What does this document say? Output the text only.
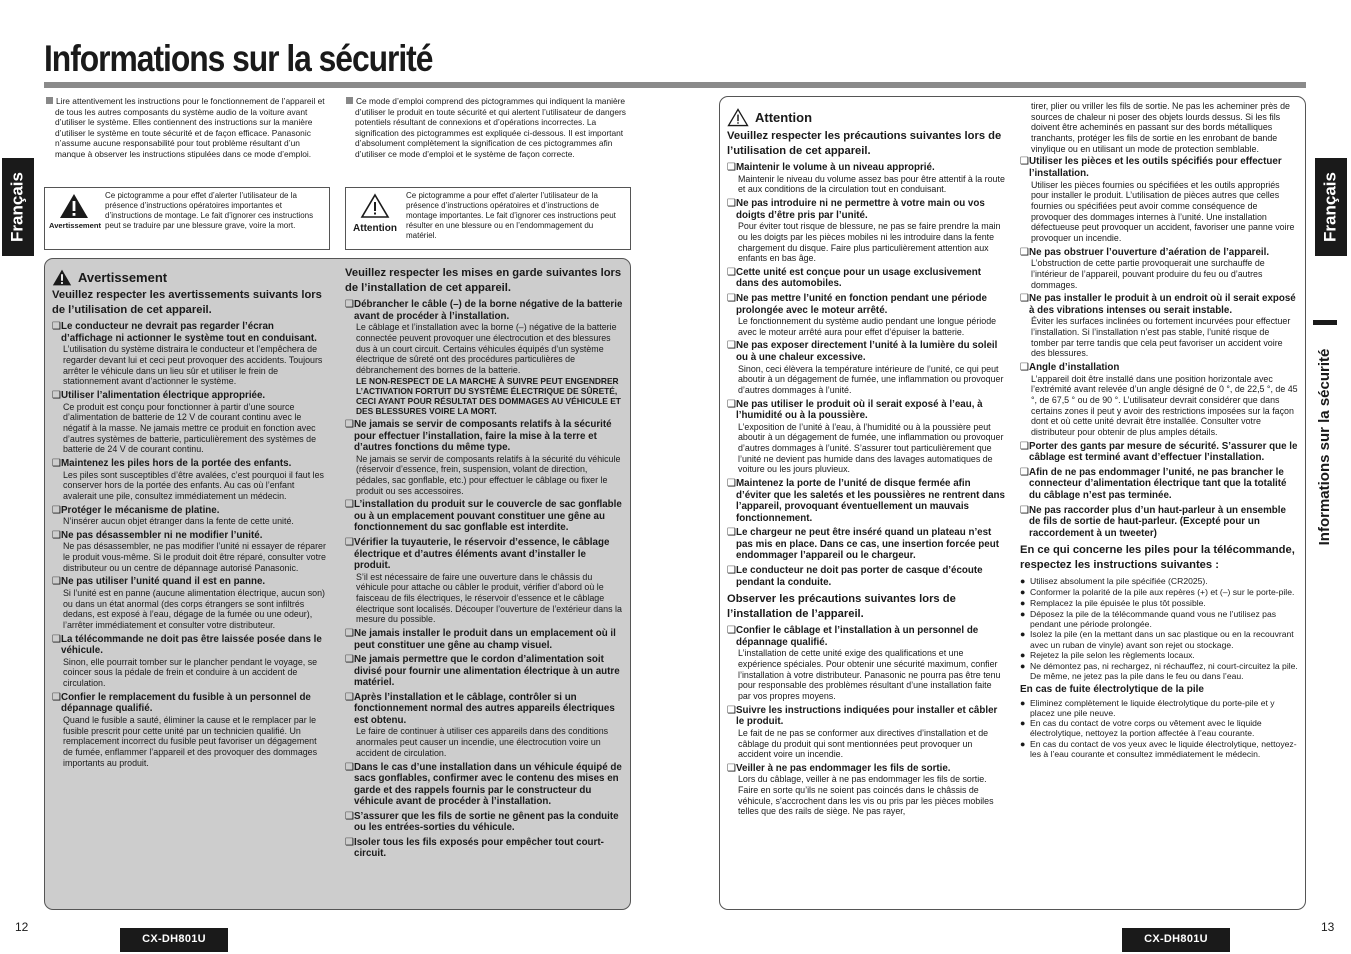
Informations sur la sécurité
Français	Français
Informations sur la sécurité
Lire attentivement les instructions pour le fonctionnement de l’appareil et de tous les autres composants du système audio de la voiture avant d’utiliser le système. Elles contiennent des instructions sur la manière d’utiliser le système en toute sécurité et de façon efficace. Panasonic n’assume aucune responsabilité pour tout problème résultant d’un manque à observer les instructions stipulées dans ce mode d’emploi.
Ce mode d’emploi comprend des pictogrammes qui indiquent la manière d’utiliser le produit en toute sécurité et qui alertent l’utilisateur de dangers potentiels résultant de connexions et d’opérations incorrectes. La signification des pictogrammes est expliquée ci-dessous. Il est important d’absolument complètement la signification de ces pictogrammes afin d’utiliser ce mode d’emploi et le système de façon correcte.
Avertissement
Ce pictogramme a pour effet d’alerter l’utilisateur de la présence d’instructions opératoires importantes et d’instructions de montage. Le fait d’ignorer ces instructions peut se traduire par une blessure grave, voire la mort.	Attention
Ce pictogramme a pour effet d’alerter l’utilisateur de la présence d’instructions opératoires et d’instructions de montage importantes. Le fait d’ignorer ces instructions peut résulter en une blessure ou en l’endommagement du matériel.
Avertissement
Veuillez respecter les avertissements suivants lors de l’utilisation de cet appareil.
❑ Le conducteur ne devrait pas regarder l’écran d’affichage ni actionner le système tout en conduisant.
L’utilisation du système distraira le conducteur et l’empêchera de regarder devant lui et ceci peut provoquer des accidents. Toujours arrêter le véhicule dans un lieu sûr et utiliser le frein de stationnement avant d’actionner le système.
❑ Utiliser l’alimentation électrique appropriée.
Ce produit est conçu pour fonctionner à partir d’une source d’alimentation de batterie de 12 V de courant continu avec le négatif à la masse. Ne jamais mettre ce produit en fonction avec d’autres systèmes de batterie, particulièrement des systèmes de batterie de 24 V de courant continu.
❑ Maintenez les piles hors de la portée des enfants.
Les piles sont susceptibles d’être avalées, c’est pourquoi il faut les conserver hors de la portée des enfants. Au cas où l’enfant avalerait une pile, consultez immédiatement un médecin.
❑ Protéger le mécanisme de platine.
N’insérer aucun objet étranger dans la fente de cette unité.
❑ Ne pas désassembler ni ne modifier l’unité.
Ne pas désassembler, ne pas modifier l’unité ni essayer de réparer le produit vous-même. Si le produit doit être réparé, consulter votre distributeur ou un centre de dépannage autorisé Panasonic.
❑ Ne pas utiliser l’unité quand il est en panne.
Si l’unité est en panne (aucune alimentation électrique, aucun son) ou dans un état anormal (des corps étrangers se sont infiltrés dedans, est exposé à l’eau, dégage de la fumée ou une odeur), l’arrêter immédiatement et consulter votre distributeur.
❑ La télécommande ne doit pas être laissée posée dans le véhicule.
Sinon, elle pourrait tomber sur le plancher pendant le voyage, se coincer sous la pédale de frein et conduire à un accident de circulation.
❑ Confier le remplacement du fusible à un personnel de dépannage qualifié.
Quand le fusible a sauté, éliminer la cause et le remplacer par le fusible prescrit pour cette unité par un technicien qualifié. Un remplacement incorrect du fusible peut favoriser un dégagement de fumée, enflammer l’appareil et des provoquer des dommages importants au produit.
Veuillez respecter les mises en garde suivantes lors de l’installation de cet appareil.
❑ Débrancher le câble (–) de la borne négative de la batterie avant de procéder à l’installation.
Le câblage et l’installation avec la borne (–) négative de la batterie connectée peuvent provoquer une électrocution et des blessures dus à un court circuit. Certains véhicules équipés d’un système électrique de sûreté ont des procédures particulières de débranchement des bornes de la batterie.
LE NON-RESPECT DE LA MARCHE À SUIVRE PEUT ENGENDRER L’ACTIVATION FORTUIT DU SYSTÈME ÉLECTRIQUE DE SÛRETÉ, CECI AYANT POUR RÉSULTAT DES DOMMAGES AU VÉHICULE ET DES BLESSURES VOIRE LA MORT.
❑ Ne jamais se servir de composants relatifs à la sécurité pour effectuer l’installation, faire la mise à la terre et d’autres fonctions du même type.
Ne jamais se servir de composants relatifs à la sécurité du véhicule (réservoir d’essence, frein, suspension, volant de direction, pédales, sac gonflable, etc.) pour effectuer le câblage ou fixer le produit ou ses accessoires.
❑ L’installation du produit sur le couvercle de sac gonflable ou à un emplacement pouvant constituer une gêne au fonctionnement du sac gonflable est interdite.
❑ Vérifier la tuyauterie, le réservoir d’essence, le câblage électrique et d’autres éléments avant d’installer le produit.
S’il est nécessaire de faire une ouverture dans le châssis du véhicule pour attache ou câbler le produit, vérifier d’abord où le faisceau de fils électriques, le réservoir d’essence et le câblage électrique sont localisés. Découper l’ouverture de l’extérieur dans la mesure du possible.
❑ Ne jamais installer le produit dans un emplacement où il peut constituer une gêne au champ visuel.
❑ Ne jamais permettre que le cordon d’alimentation soit divisé pour fournir une alimentation électrique à un autre matériel.
❑ Après l’installation et le câblage, contrôler si un fonctionnement normal des autres appareils électriques est obtenu.
Le faire de continuer à utiliser ces appareils dans des conditions anormales peut causer un incendie, une électrocution voire un accident de circulation.
❑ Dans le cas d’une installation dans un véhicule équipé de sacs gonflables, confirmer avec le contenu des mises en garde et des rappels fournis par le constructeur du véhicule avant de procéder à l’installation.
❑ S’assurer que les fils de sortie ne gênent pas la conduite ou les entrées-sorties du véhicule.
❑ Isoler tous les fils exposés pour empêcher tout court-circuit.
Attention
Veuillez respecter les précautions suivantes lors de l’utilisation de cet appareil.
❑ Maintenir le volume à un niveau approprié.
Maintenir le niveau du volume assez bas pour être attentif à la route et aux conditions de la circulation tout en conduisant.
❑ Ne pas introduire ni ne permettre à votre main ou vos doigts d’être pris par l’unité.
Pour éviter tout risque de blessure, ne pas se faire prendre la main ou les doigts par les pièces mobiles ni les introduire dans la fente chargement du disque. Faire plus particulièrement attention aux enfants en bas âge.
❑ Cette unité est conçue pour un usage exclusivement dans des automobiles.
❑ Ne pas mettre l’unité en fonction pendant une période prolongée avec le moteur arrêté.
Le fonctionnement du système audio pendant une longue période avec le moteur arrêté aura pour effet d’épuiser la batterie.
❑ Ne pas exposer directement l’unité à la lumière du soleil ou à une chaleur excessive.
Sinon, ceci élèvera la température intérieure de l’unité, ce qui peut aboutir à un dégagement de fumée, une inflammation ou provoquer d’autres dommages à l’unité.
❑ Ne pas utiliser le produit où il serait exposé à l’eau, à l’humidité ou à la poussière.
L’exposition de l’unité à l’eau, à l’humidité ou à la poussière peut aboutir à un dégagement de fumée, une inflammation ou provoquer d’autres dommages à l’unité. S’assurer tout particulièrement que l’unité ne devient pas humide dans des lavages automatiques de voiture ou les jours pluvieux.
❑ Maintenez la porte de l’unité de disque fermée afin d’éviter que les saletés et les poussières ne rentrent dans l’appareil, provoquant éventuellement un mauvais fonctionnement.
❑ Le chargeur ne peut être inséré quand un plateau n’est pas mis en place. Dans ce cas, une insertion forcée peut endommager l’appareil ou le chargeur.
❑ Le conducteur ne doit pas porter de casque d’écoute pendant la conduite.
Observer les précautions suivantes lors de l’installation de l’appareil.
❑ Confier le câblage et l’installation à un personnel de dépannage qualifié.
L’installation de cette unité exige des qualifications et une expérience spéciales. Pour obtenir une sécurité maximum, confier l’installation à votre distributeur. Panasonic ne pourra pas être tenu pour responsable des problèmes résultant d’une installation faite par vos propres moyens.
❑ Suivre les instructions indiquées pour installer et câbler le produit.
Le fait de ne pas se conformer aux directives d’installation et de câblage du produit qui sont mentionnées peut provoquer un accident voire un incendie.
❑ Veiller à ne pas endommager les fils de sortie.
Lors du câblage, veiller à ne pas endommager les fils de sortie. Faire en sorte qu’ils ne soient pas coincés dans le châssis de véhicule, s’accrochent dans les vis ou pris par les pièces mobiles telles que des rails de siège. Ne pas rayer,
tirer, plier ou vriller les fils de sortie. Ne pas les acheminer près de sources de chaleur ni poser des objets lourds dessus. Si les fils doivent être acheminés en passant sur des bords métalliques tranchants, protéger les fils de sortie en les enrobant de bande vinylique ou en utilisant un mode de protection semblable.
❑ Utiliser les pièces et les outils spécifiés pour effectuer l’installation.
Utiliser les pièces fournies ou spécifiées et les outils appropriés pour installer le produit. L’utilisation de pièces autres que celles fournies ou spécifiées peut avoir comme conséquence de provoquer des dommages internes à l’unité. Une installation défectueuse peut provoquer un accident, favoriser une panne voire provoquer un incendie.
❑ Ne pas obstruer l’ouverture d’aération de l’appareil.
L’obstruction de cette partie provoquerait une surchauffe de l’intérieur de l’appareil, pouvant produire du feu ou d’autres dommages.
❑ Ne pas installer le produit à un endroit où il serait exposé à des vibrations intenses ou serait instable.
Éviter les surfaces inclinées ou fortement incurvées pour effectuer l’installation. Si l’installation n’est pas stable, l’unité risque de tomber par terre tandis que cela peut favoriser un accident voire des blessures.
❑ Angle d’installation
L’appareil doit être installé dans une position horizontale avec l’extrémité avant relevée d’un angle désigné de 0 °, de 22,5 °, de 45 °, de 67,5 ° ou de 90 °. L’utilisateur devrait considérer que dans certains zones il peut y avoir des restrictions imposées sur la façon dont et où cette unité devrait être installée. Consulter votre distributeur pour obtenir de plus amples détails.
❑ Porter des gants par mesure de sécurité. S’assurer que le câblage est terminé avant d’effectuer l’installation.
❑ Afin de ne pas endommager l’unité, ne pas brancher le connecteur d’alimentation électrique tant que la totalité du câblage n’est pas terminée.
❑ Ne pas raccorder plus d’un haut-parleur à un ensemble de fils de sortie de haut-parleur. (Excepté pour un raccordement à un tweeter)
En ce qui concerne les piles pour la télécommande, respectez les instructions suivantes :
● Utilisez absolument la pile spécifiée (CR2025).
● Conformer la polarité de la pile aux repères (+) et (–) sur le porte-pile.
● Remplacez la pile épuisée le plus tôt possible.
● Déposez la pile de la télécommande quand vous ne l’utilisez pas pendant une période prolongée.
● Isolez la pile (en la mettant dans un sac plastique ou en la recouvrant avec un ruban de vinyle) avant son rejet ou stockage.
● Rejetez la pile selon les règlements locaux.
● Ne démontez pas, ni rechargez, ni réchauffez, ni court-circuitez la pile. De même, ne jetez pas la pile dans le feu ou dans l’eau.
En cas de fuite électrolytique de la pile
● Eliminez complètement le liquide électrolytique du porte-pile et y placez une pile neuve.
● En cas du contact de votre corps ou vêtement avec le liquide électrolytique, nettoyez la portion affectée à l’eau courante.
● En cas du contact de vos yeux avec le liquide électrolytique, nettoyez-les à l’eau courante et consultez immédiatement le médecin.
12	13
CX-DH801U	CX-DH801U
